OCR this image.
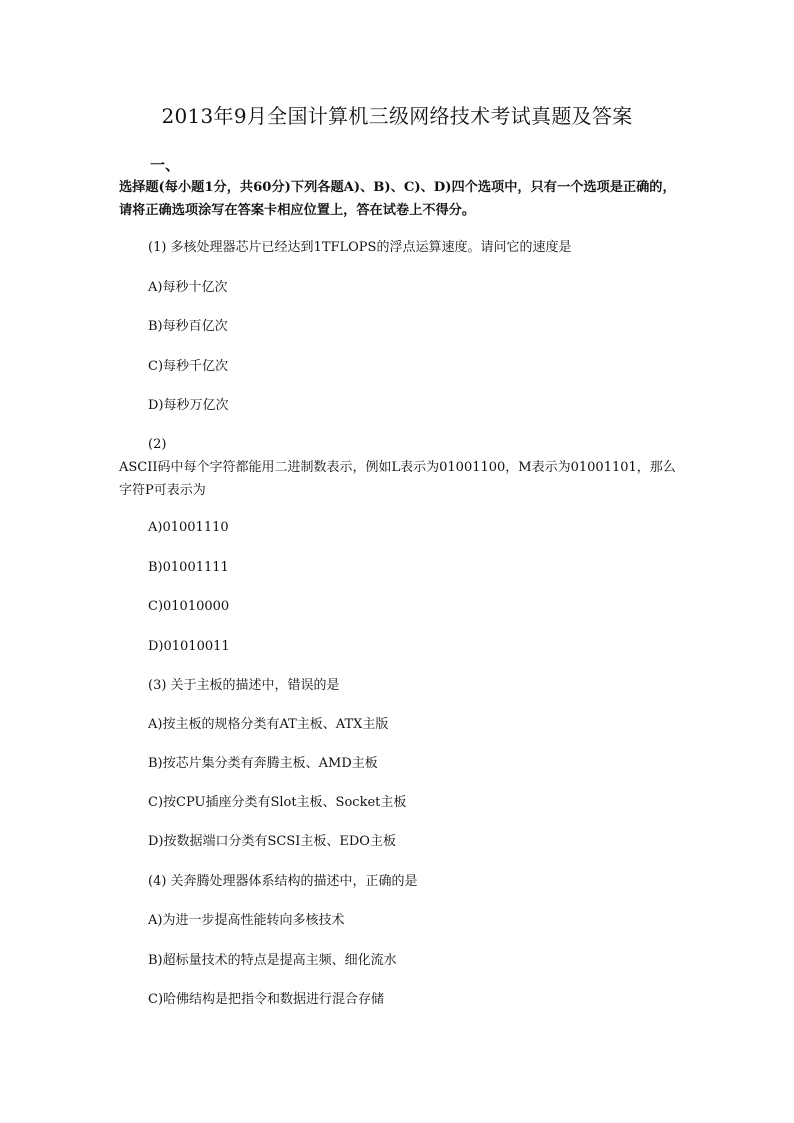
2013年9月全国计算机三级网络技术考试真题及答案
一、

选择题(每小题1分，共60分)下列各题A)、B)、C)、D)四个选项中，只有一个选项是正确的，请将正确选项涂写在答案卡相应位置上，答在试卷上不得分。

(1) 多核处理器芯片已经达到1TFLOPS的浮点运算速度。请问它的速度是

A)每秒十亿次

B)每秒百亿次

C)每秒千亿次

D)每秒万亿次

(2)

ASCII码中每个字符都能用二进制数表示，例如L表示为01001100，M表示为01001101，那么字符P可表示为

A)01001110

B)01001111

C)01010000

D)01010011

(3) 关于主板的描述中，错误的是

A)按主板的规格分类有AT主板、ATX主版

B)按芯片集分类有奔腾主板、AMD主板

C)按CPU插座分类有Slot主板、Socket主板

D)按数据端口分类有SCSI主板、EDO主板

(4) 关奔腾处理器体系结构的描述中，正确的是

A)为进一步提高性能转向多核技术

B)超标量技术的特点是提高主频、细化流水

C)哈佛结构是把指令和数据进行混合存储
